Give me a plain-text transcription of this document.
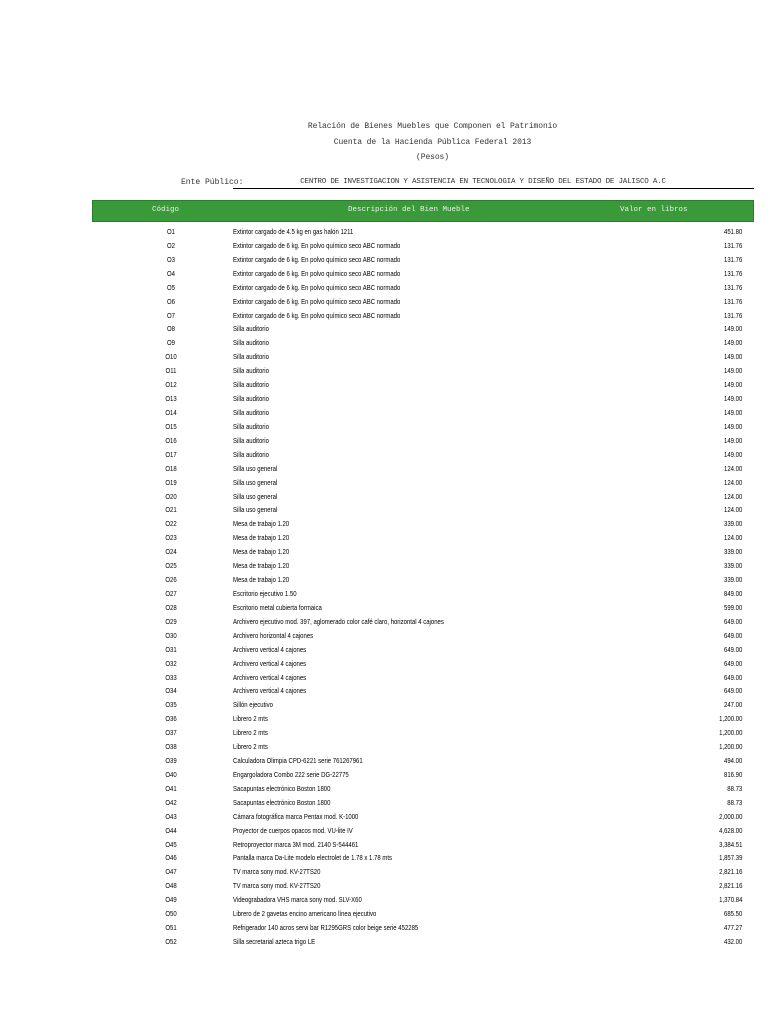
Relación de Bienes Muebles que Componen el Patrimonio
Cuenta de la Hacienda Pública Federal 2013
(Pesos)
Ente Público:	CENTRO DE INVESTIGACION Y ASISTENCIA EN TECNOLOGIA Y DISEÑO DEL ESTADO DE JALISCO A.C
Código	Descripción del Bien Mueble	Valor en libros
O1	Extintor cargado de 4.5 kg en gas halón 1211	451.80
O2	Extintor cargado de 6 kg. En polvo químico seco ABC normado	131.76
O3	Extintor cargado de 6 kg. En polvo químico seco ABC normado	131.76
O4	Extintor cargado de 6 kg. En polvo químico seco ABC normado	131.76
O5	Extintor cargado de 6 kg. En polvo químico seco ABC normado	131.76
O6	Extintor cargado de 6 kg. En polvo químico seco ABC normado	131.76
O7	Extintor cargado de 6 kg. En polvo químico seco ABC normado	131.76
O8	Silla auditorio	149.00
O9	Silla auditorio	149.00
O10	Silla auditorio	149.00
O11	Silla auditorio	149.00
O12	Silla auditorio	149.00
O13	Silla auditorio	149.00
O14	Silla auditorio	149.00
O15	Silla auditorio	149.00
O16	Silla auditorio	149.00
O17	Silla auditorio	149.00
O18	Silla uso general	124.00
O19	Silla uso general	124.00
O20	Silla uso general	124.00
O21	Silla uso general	124.00
O22	Mesa de trabajo 1.20	339.00
O23	Mesa de trabajo 1.20	124.00
O24	Mesa de trabajo 1.20	339.00
O25	Mesa de trabajo 1.20	339.00
O26	Mesa de trabajo 1.20	339.00
O27	Escritorio ejecutivo 1.50	849.00
O28	Escritorio metal cubierta formaica	599.00
O29	Archivero ejecutivo mod. 397, aglomerado color café claro, horizontal 4 cajones	649.00
O30	Archivero horizontal 4 cajones	649.00
O31	Archivero vertical 4 cajones	649.00
O32	Archivero vertical 4 cajones	649.00
O33	Archivero vertical 4 cajones	649.00
O34	Archivero vertical 4 cajones	649.00
O35	Sillón ejecutivo	247.00
O36	Librero 2 mts	1,200.00
O37	Librero 2 mts	1,200.00
O38	Librero 2 mts	1,200.00
O39	Calculadora Olimpia CPD-6221 serie 761267961	494.00
O40	Engargoladora Combo 222 serie DG-22775	816.90
O41	Sacapuntas electrónico Boston 1800	88.73
O42	Sacapuntas electrónico Boston 1800	88.73
O43	Cámara fotográfica marca Pentax mod. K-1000	2,000.00
O44	Proyector de cuerpos opacos mod. VU-lite IV	4,628.00
O45	Retroproyector marca 3M mod. 2140 S-544461	3,384.51
O46	Pantalla marca Da-Lite modelo electrolet de 1.78 x 1.78 mts	1,857.39
O47	TV marca sony mod. KV-27TS20	2,821.16
O48	TV marca sony mod. KV-27TS20	2,821.16
O49	Videograbadora VHS marca sony mod. SLV-X60	1,370.84
O50	Librero de 2 gavetas encino americano línea ejecutivo	685.50
O51	Refrigerador 140 acros servi bar R1295GRS color beige serie 452285	477.27
O52	Silla secretarial azteca trigo LE	432.00
